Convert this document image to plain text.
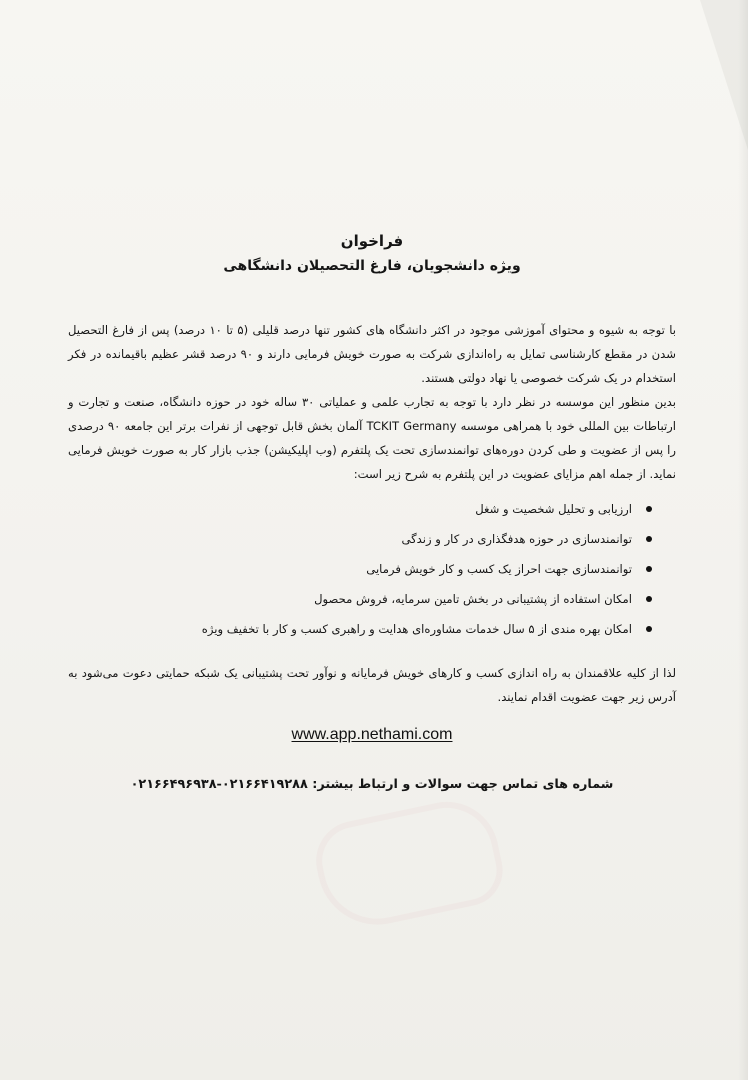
فراخوان

ویژه دانشجویان، فارغ التحصیلان دانشگاهی

با توجه به شیوه و محتوای آموزشی موجود در اکثر دانشگاه های کشور تنها درصد قلیلی (۵ تا ۱۰ درصد) پس از فارغ التحصیل شدن در مقطع کارشناسی تمایل به راه‌اندازی شرکت به صورت خویش فرمایی دارند و ۹۰ درصد قشر عظیم باقیمانده در فکر استخدام در یک شرکت خصوصی یا نهاد دولتی هستند.

بدین منظور این موسسه در نظر دارد با توجه به تجارب علمی و عملیاتی ۳۰ ساله خود در حوزه دانشگاه، صنعت و تجارت و ارتباطات بین المللی خود با همراهی موسسه TCKIT Germany آلمان بخش قابل توجهی از نفرات برتر این جامعه ۹۰ درصدی را پس از عضویت و طی کردن دوره‌های توانمندسازی تحت یک پلتفرم (وب اپلیکیشن) جذب بازار کار به صورت خویش فرمایی نماید. از جمله اهم مزایای عضویت در این پلتفرم به شرح زیر است:

ارزیابی و تحلیل شخصیت و شغل
توانمندسازی در حوزه هدفگذاری در کار و زندگی
توانمندسازی جهت احراز یک کسب و کار خویش فرمایی
امکان استفاده از پشتیبانی در بخش تامین سرمایه، فروش محصول
امکان بهره مندی از ۵ سال خدمات مشاوره‌ای هدایت و راهبری کسب و کار با تخفیف ویژه

لذا از کلیه علاقمندان به راه اندازی کسب و کارهای خویش فرمایانه و نوآور تحت پشتیبانی یک شبکه حمایتی دعوت می‌شود به آدرس زیر جهت عضویت اقدام نمایند.

www.app.nethami.com
شماره های تماس جهت سوالات و ارتباط بیشتر: ۰۲۱۶۶۴۱۹۲۸۸-۰۲۱۶۶۴۹۶۹۳۸
